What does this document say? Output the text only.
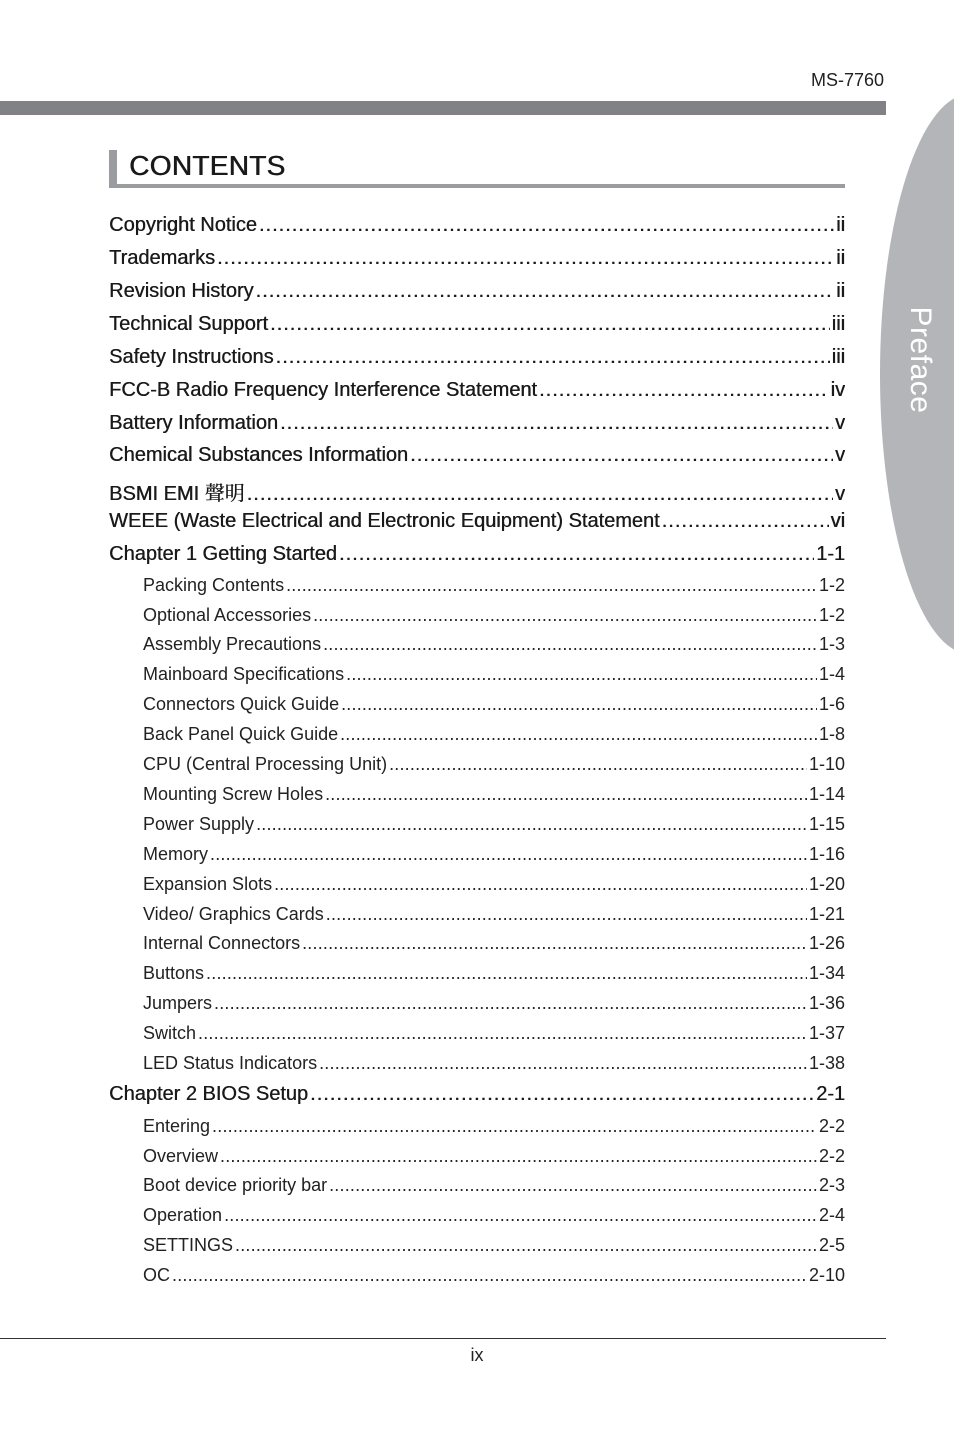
MS-7760
Preface
CONTENTS
Copyright Notice .....	ii
Trademarks .....	ii
Revision History .....	ii
Technical Support .....	iii
Safety Instructions .....	iii
FCC-B Radio Frequency Interference Statement .....	iv
Battery Information .....	v
Chemical Substances Information .....	v
BSMI EMI 聲明 .....	v
WEEE (Waste Electrical and Electronic Equipment) Statement .....	vi
Chapter 1 Getting Started .....	1-1
Packing Contents .....	1-2
Optional Accessories .....	1-2
Assembly Precautions .....	1-3
Mainboard Specifications .....	1-4
Connectors Quick Guide .....	1-6
Back Panel Quick Guide .....	1-8
CPU (Central Processing Unit) .....	1-10
Mounting Screw Holes .....	1-14
Power Supply .....	1-15
Memory .....	1-16
Expansion Slots .....	1-20
Video/ Graphics Cards .....	1-21
Internal Connectors .....	1-26
Buttons .....	1-34
Jumpers .....	1-36
Switch .....	1-37
LED Status Indicators .....	1-38
Chapter 2 BIOS Setup .....	2-1
Entering .....	2-2
Overview .....	2-2
Boot device priority bar .....	2-3
Operation .....	2-4
SETTINGS .....	2-5
OC .....	2-10
ix
